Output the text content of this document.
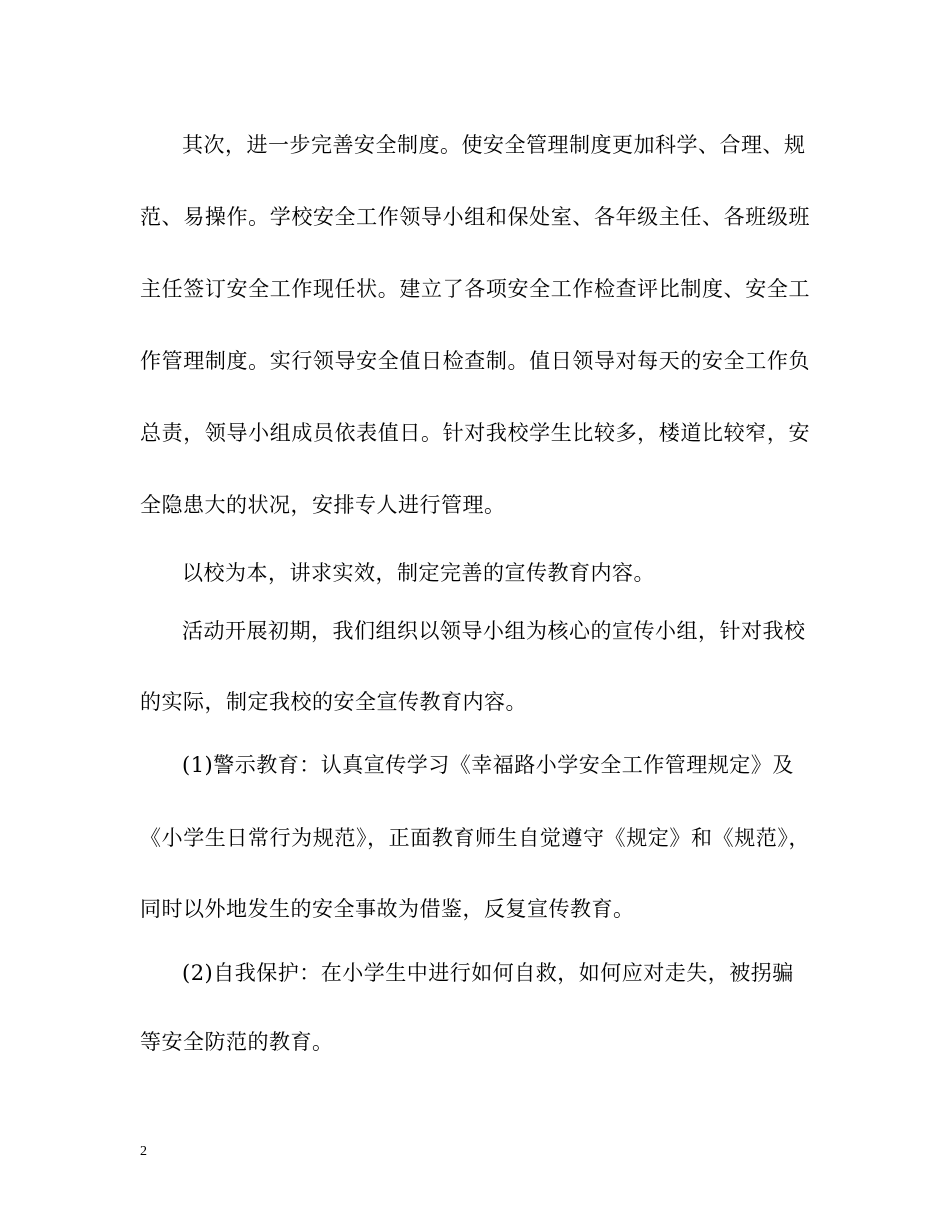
其次，进一步完善安全制度。使安全管理制度更加科学、合理、规
范、易操作。学校安全工作领导小组和保处室、各年级主任、各班级班
主任签订安全工作现任状。建立了各项安全工作检查评比制度、安全工
作管理制度。实行领导安全值日检查制。值日领导对每天的安全工作负
总责，领导小组成员依表值日。针对我校学生比较多，楼道比较窄，安
全隐患大的状况，安排专人进行管理。
以校为本，讲求实效，制定完善的宣传教育内容。
活动开展初期，我们组织以领导小组为核心的宣传小组，针对我校
的实际，制定我校的安全宣传教育内容。
(1)警示教育：认真宣传学习《幸福路小学安全工作管理规定》及
《小学生日常行为规范》，正面教育师生自觉遵守《规定》和《规范》，
同时以外地发生的安全事故为借鉴，反复宣传教育。
(2)自我保护：在小学生中进行如何自救，如何应对走失，被拐骗
等安全防范的教育。
2
